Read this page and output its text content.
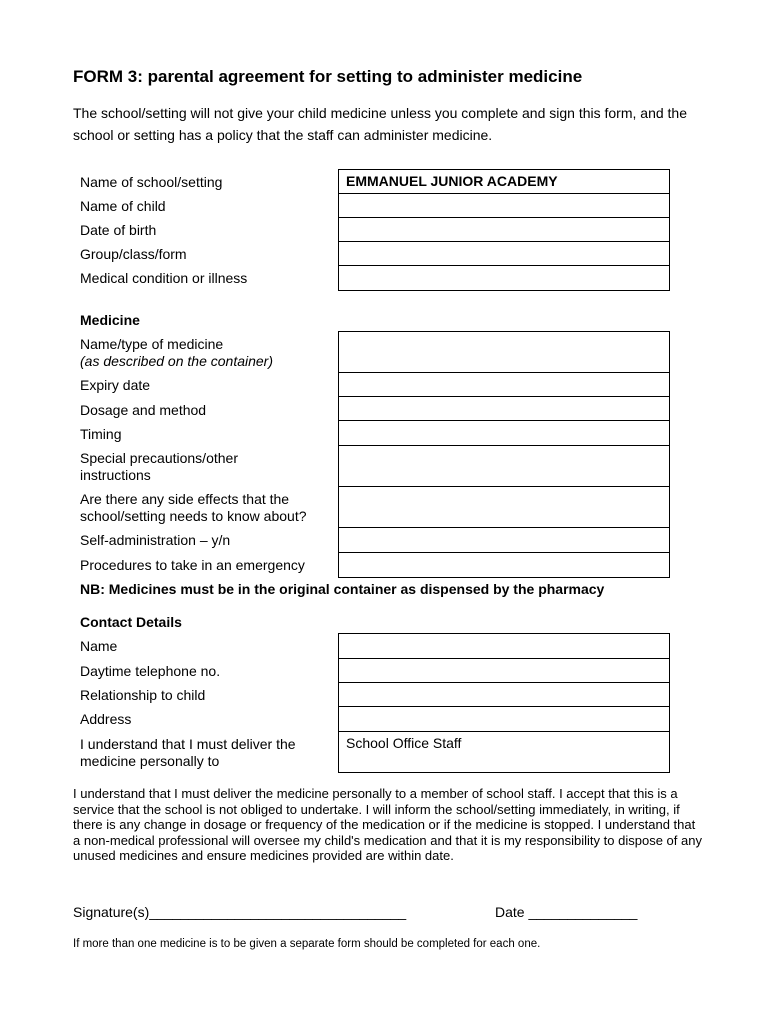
FORM 3: parental agreement for setting to administer medicine
The school/setting will not give your child medicine unless you complete and sign this form, and the school or setting has a policy that the staff can administer medicine.
Name of school/setting
Name of child
Date of birth
Group/class/form
Medical condition or illness
EMMANUEL JUNIOR ACADEMY
Medicine
Name/type of medicine
(as described on the container)
Expiry date
Dosage and method
Timing
Special precautions/other instructions
Are there any side effects that the school/setting needs to know about?
Self-administration – y/n
Procedures to take in an emergency
NB: Medicines must be in the original container as dispensed by the pharmacy
Contact Details
Name
Daytime telephone no.
Relationship to child
Address
I understand that I must deliver the medicine personally to
School Office Staff
I understand that I must deliver the medicine personally to a member of school staff. I accept that this is a service that the school is not obliged to undertake. I will inform the school/setting immediately, in writing, if there is any change in dosage or frequency of the medication or if the medicine is stopped. I understand that a non-medical professional will oversee my child's medication and that it is my responsibility to dispose of any unused medicines and ensure medicines provided are within date.
Signature(s)_________________________________	Date ______________
If more than one medicine is to be given a separate form should be completed for each one.
